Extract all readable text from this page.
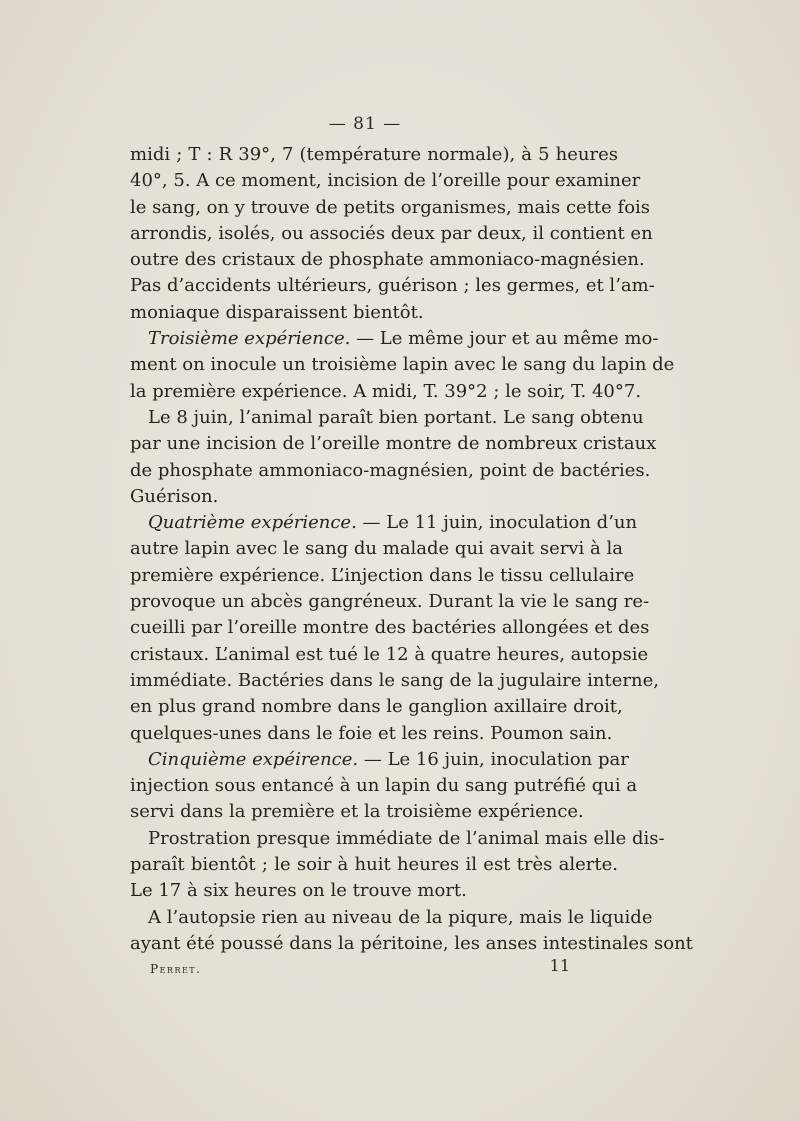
— 81 —

midi ; T : R 39°, 7 (température normale), à 5 heures
40°, 5. A ce moment, incision de l’oreille pour examiner
le sang, on y trouve de petits organismes, mais cette fois
arrondis, isolés, ou associés deux par deux, il contient en
outre des cristaux de phosphate ammoniaco-magnésien.
Pas d’accidents ultérieurs, guérison ; les germes, et l’am-
moniaque disparaissent bientôt.

Troisième expérience. — Le même jour et au même mo-
ment on inocule un troisième lapin avec le sang du lapin de
la première expérience. A midi, T. 39°2 ; le soir, T. 40°7.

Le 8 juin, l’animal paraît bien portant. Le sang obtenu
par une incision de l’oreille montre de nombreux cristaux
de phosphate ammoniaco-magnésien, point de bactéries.
Guérison.

Quatrième expérience. — Le 11 juin, inoculation d’un
autre lapin avec le sang du malade qui avait servi à la
première expérience. L’injection dans le tissu cellulaire
provoque un abcès gangréneux. Durant la vie le sang re-
cueilli par l’oreille montre des bactéries allongées et des
cristaux. L’animal est tué le 12 à quatre heures, autopsie
immédiate. Bactéries dans le sang de la jugulaire interne,
en plus grand nombre dans le ganglion axillaire droit,
quelques-unes dans le foie et les reins. Poumon sain.

Cinquième expéirence. — Le 16 juin, inoculation par
injection sous entancé à un lapin du sang putréfié qui a
servi dans la première et la troisième expérience.

Prostration presque immédiate de l’animal mais elle dis-
paraît bientôt ; le soir à huit heures il est très alerte.
Le 17 à six heures on le trouve mort.

A l’autopsie rien au niveau de la piqure, mais le liquide
ayant été poussé dans la péritoine, les anses intestinales sont

Perret.	11
